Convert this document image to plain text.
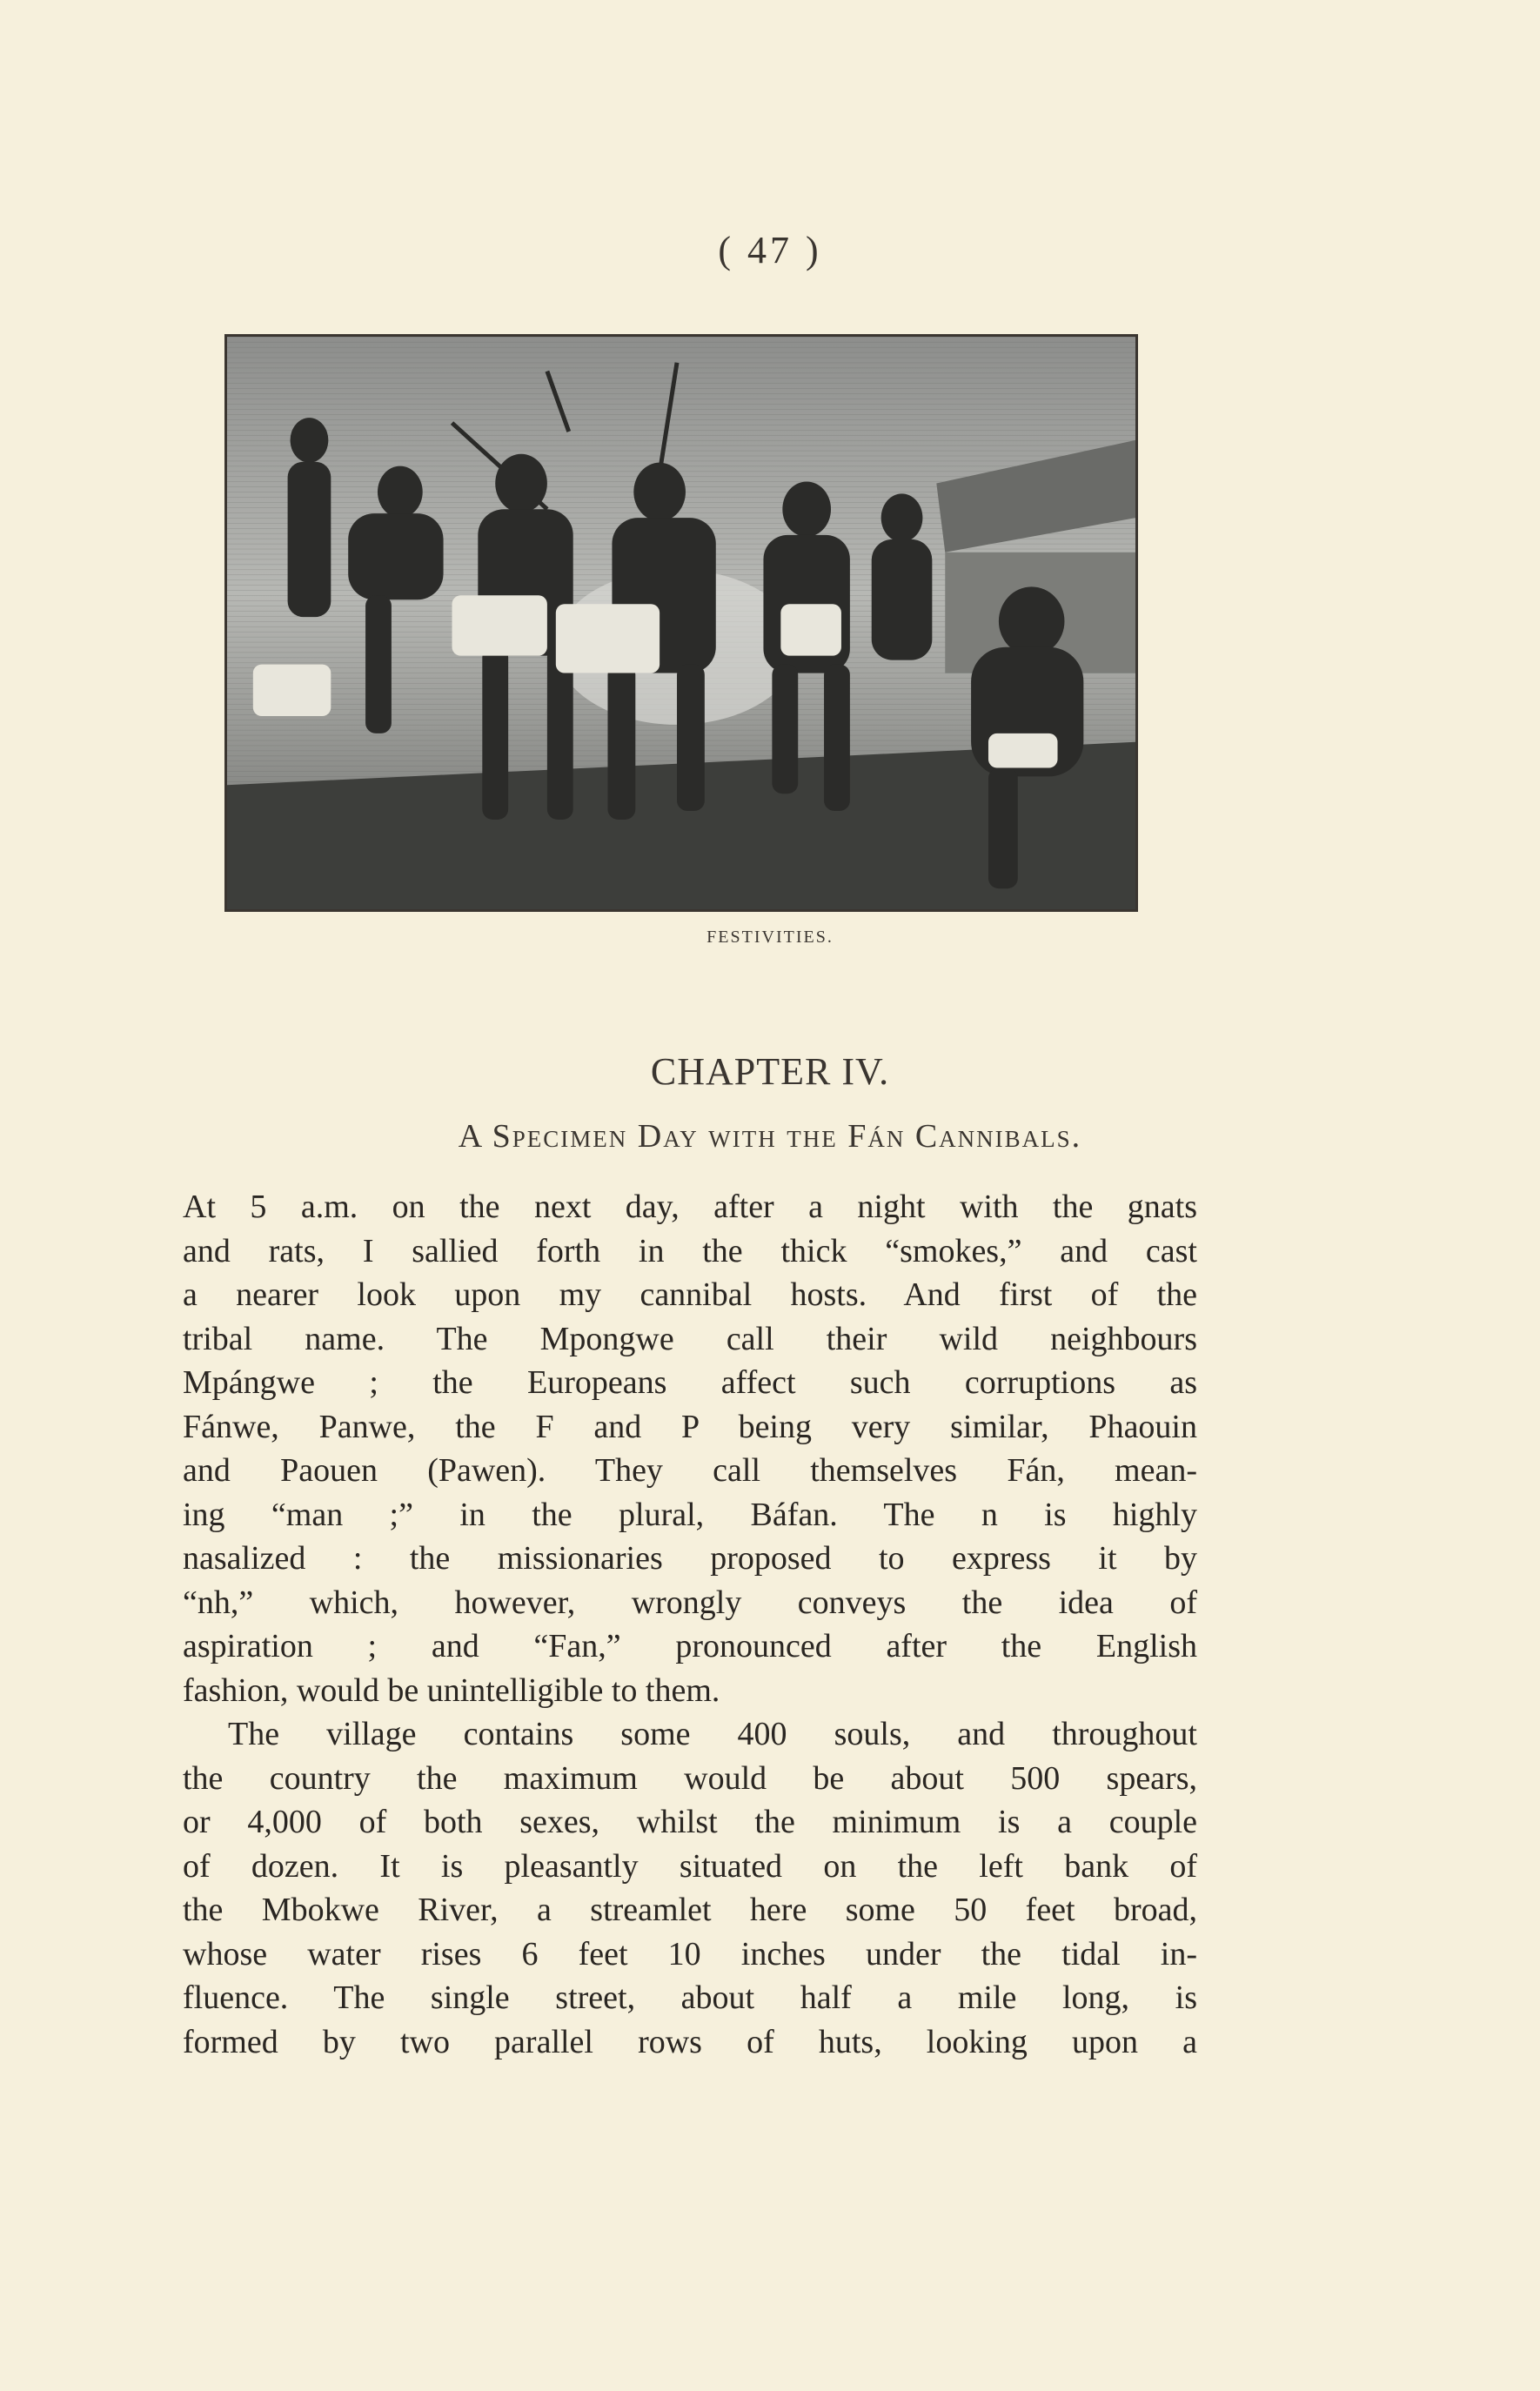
( 47 )
FESTIVITIES.
CHAPTER IV.
A Specimen Day with the Fán Cannibals.
At 5 a.m. on the next day, after a night with the gnats
and rats, I sallied forth in the thick “smokes,” and cast
a nearer look upon my cannibal hosts. And first of the
tribal name. The Mpongwe call their wild neighbours
Mpángwe ; the Europeans affect such corruptions as
Fánwe, Panwe, the F and P being very similar, Phaouin
and Paouen (Pawen). They call themselves Fán, mean-
ing “man ;” in the plural, Báfan. The n is highly
nasalized : the missionaries proposed to express it by
“nh,” which, however, wrongly conveys the idea of
aspiration ; and “Fan,” pronounced after the English
fashion, would be unintelligible to them.
The village contains some 400 souls, and throughout
the country the maximum would be about 500 spears,
or 4,000 of both sexes, whilst the minimum is a couple
of dozen. It is pleasantly situated on the left bank of
the Mbokwe River, a streamlet here some 50 feet broad,
whose water rises 6 feet 10 inches under the tidal in-
fluence. The single street, about half a mile long, is
formed by two parallel rows of huts, looking upon a
